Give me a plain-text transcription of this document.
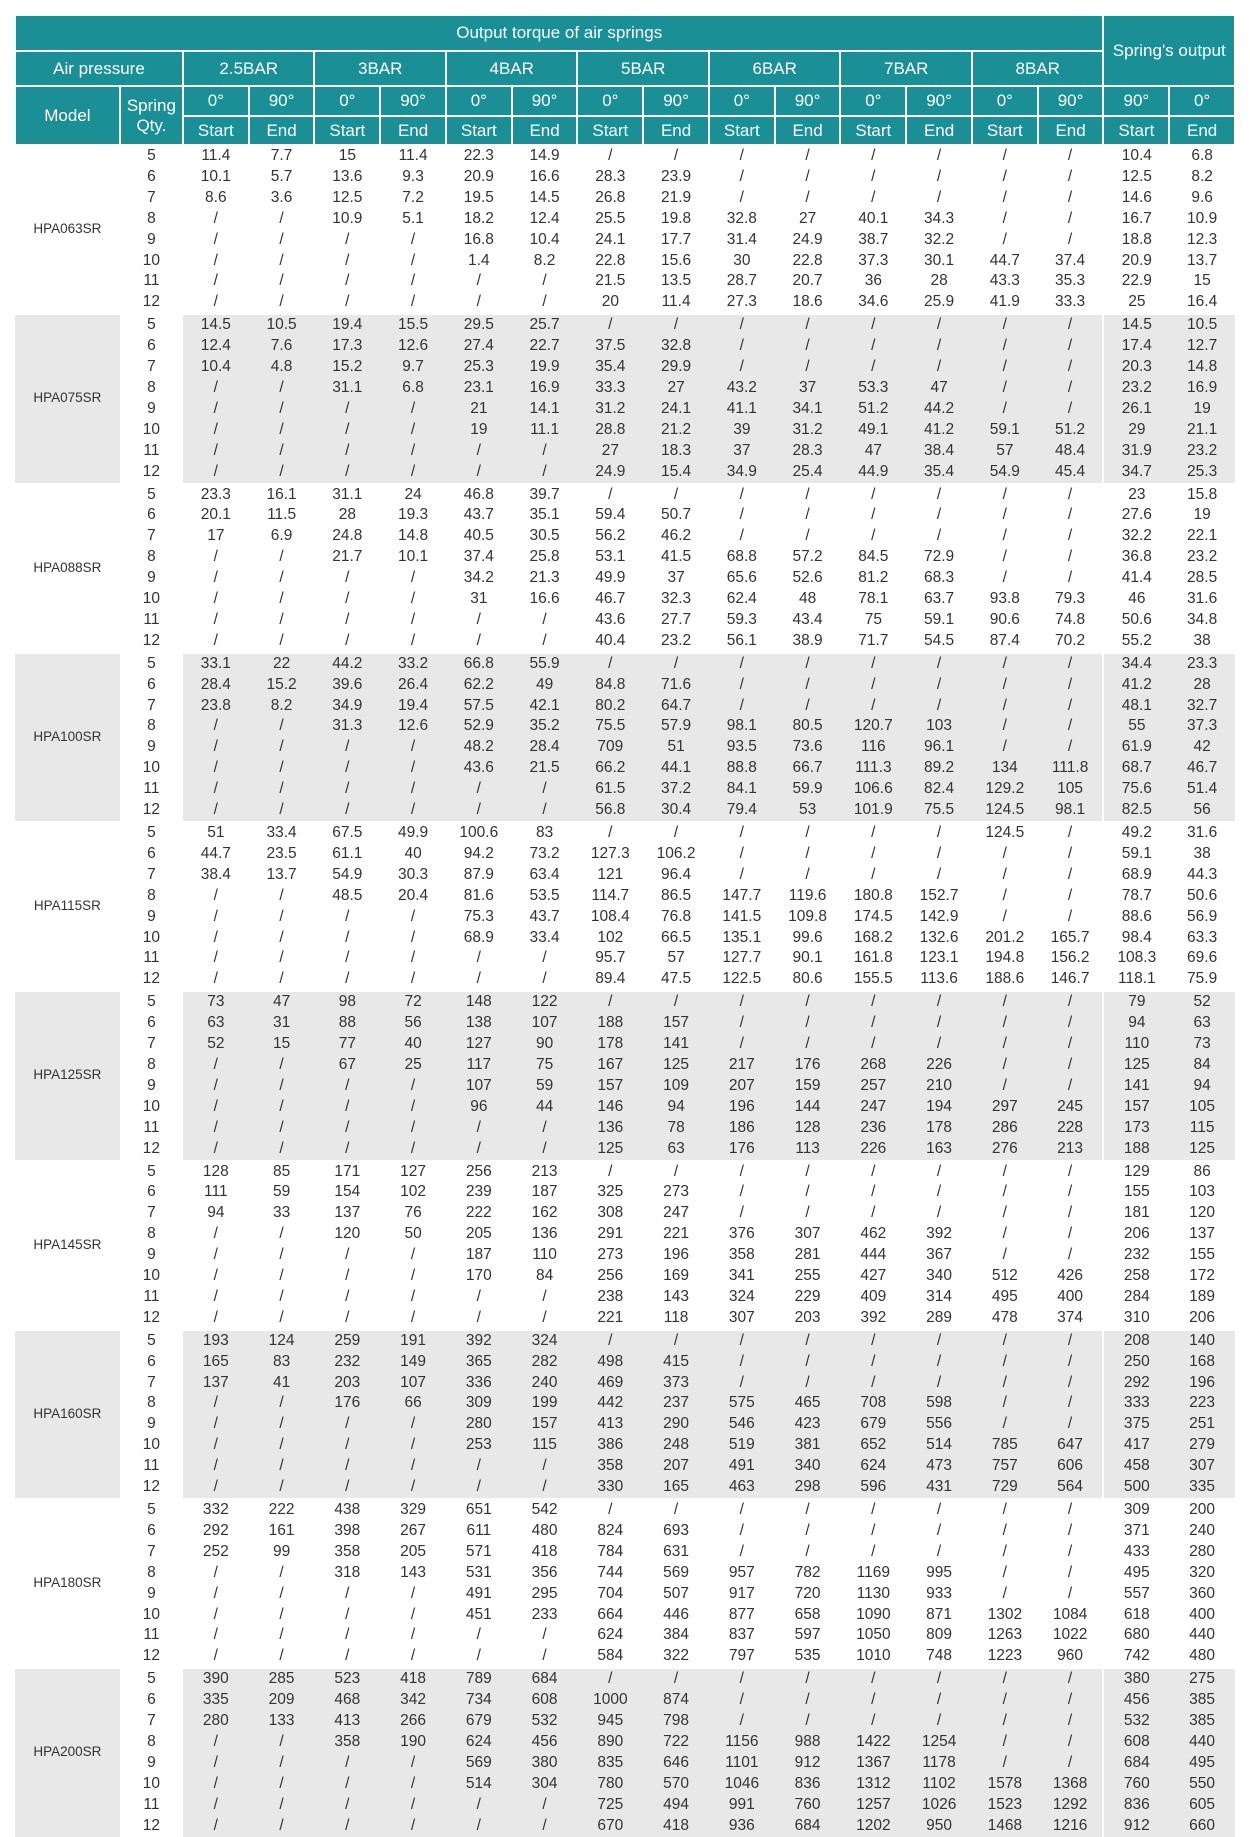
Output torque of air springs																Spring's output	
Air pressure		2.5BAR		3BAR		4BAR		5BAR		6BAR		7BAR		8BAR			
Model	Spring Qty.	0°	90°	0°	90°	0°	90°	0°	90°	0°	90°	0°	90°	0°	90°	90°	0°
		Start	End	Start	End	Start	End	Start	End	Start	End	Start	End	Start	End	Start	End
HPA063SR	5	11.4	7.7	15	11.4	22.3	14.9	/	/	/	/	/	/	/	/	10.4	6.8
	6	10.1	5.7	13.6	9.3	20.9	16.6	28.3	23.9	/	/	/	/	/	/	12.5	8.2
	7	8.6	3.6	12.5	7.2	19.5	14.5	26.8	21.9	/	/	/	/	/	/	14.6	9.6
	8	/	/	10.9	5.1	18.2	12.4	25.5	19.8	32.8	27	40.1	34.3	/	/	16.7	10.9
	9	/	/	/	/	16.8	10.4	24.1	17.7	31.4	24.9	38.7	32.2	/	/	18.8	12.3
	10	/	/	/	/	1.4	8.2	22.8	15.6	30	22.8	37.3	30.1	44.7	37.4	20.9	13.7
	11	/	/	/	/	/	/	21.5	13.5	28.7	20.7	36	28	43.3	35.3	22.9	15
	12	/	/	/	/	/	/	20	11.4	27.3	18.6	34.6	25.9	41.9	33.3	25	16.4
HPA075SR	5	14.5	10.5	19.4	15.5	29.5	25.7	/	/	/	/	/	/	/	/	14.5	10.5
	6	12.4	7.6	17.3	12.6	27.4	22.7	37.5	32.8	/	/	/	/	/	/	17.4	12.7
	7	10.4	4.8	15.2	9.7	25.3	19.9	35.4	29.9	/	/	/	/	/	/	20.3	14.8
	8	/	/	31.1	6.8	23.1	16.9	33.3	27	43.2	37	53.3	47	/	/	23.2	16.9
	9	/	/	/	/	21	14.1	31.2	24.1	41.1	34.1	51.2	44.2	/	/	26.1	19
	10	/	/	/	/	19	11.1	28.8	21.2	39	31.2	49.1	41.2	59.1	51.2	29	21.1
	11	/	/	/	/	/	/	27	18.3	37	28.3	47	38.4	57	48.4	31.9	23.2
	12	/	/	/	/	/	/	24.9	15.4	34.9	25.4	44.9	35.4	54.9	45.4	34.7	25.3
HPA088SR	5	23.3	16.1	31.1	24	46.8	39.7	/	/	/	/	/	/	/	/	23	15.8
	6	20.1	11.5	28	19.3	43.7	35.1	59.4	50.7	/	/	/	/	/	/	27.6	19
	7	17	6.9	24.8	14.8	40.5	30.5	56.2	46.2	/	/	/	/	/	/	32.2	22.1
	8	/	/	21.7	10.1	37.4	25.8	53.1	41.5	68.8	57.2	84.5	72.9	/	/	36.8	23.2
	9	/	/	/	/	34.2	21.3	49.9	37	65.6	52.6	81.2	68.3	/	/	41.4	28.5
	10	/	/	/	/	31	16.6	46.7	32.3	62.4	48	78.1	63.7	93.8	79.3	46	31.6
	11	/	/	/	/	/	/	43.6	27.7	59.3	43.4	75	59.1	90.6	74.8	50.6	34.8
	12	/	/	/	/	/	/	40.4	23.2	56.1	38.9	71.7	54.5	87.4	70.2	55.2	38
HPA100SR	5	33.1	22	44.2	33.2	66.8	55.9	/	/	/	/	/	/	/	/	34.4	23.3
	6	28.4	15.2	39.6	26.4	62.2	49	84.8	71.6	/	/	/	/	/	/	41.2	28
	7	23.8	8.2	34.9	19.4	57.5	42.1	80.2	64.7	/	/	/	/	/	/	48.1	32.7
	8	/	/	31.3	12.6	52.9	35.2	75.5	57.9	98.1	80.5	120.7	103	/	/	55	37.3
	9	/	/	/	/	48.2	28.4	709	51	93.5	73.6	116	96.1	/	/	61.9	42
	10	/	/	/	/	43.6	21.5	66.2	44.1	88.8	66.7	111.3	89.2	134	111.8	68.7	46.7
	11	/	/	/	/	/	/	61.5	37.2	84.1	59.9	106.6	82.4	129.2	105	75.6	51.4
	12	/	/	/	/	/	/	56.8	30.4	79.4	53	101.9	75.5	124.5	98.1	82.5	56
HPA115SR	5	51	33.4	67.5	49.9	100.6	83	/	/	/	/	/	/	124.5	/	49.2	31.6
	6	44.7	23.5	61.1	40	94.2	73.2	127.3	106.2	/	/	/	/	/	/	59.1	38
	7	38.4	13.7	54.9	30.3	87.9	63.4	121	96.4	/	/	/	/	/	/	68.9	44.3
	8	/	/	48.5	20.4	81.6	53.5	114.7	86.5	147.7	119.6	180.8	152.7	/	/	78.7	50.6
	9	/	/	/	/	75.3	43.7	108.4	76.8	141.5	109.8	174.5	142.9	/	/	88.6	56.9
	10	/	/	/	/	68.9	33.4	102	66.5	135.1	99.6	168.2	132.6	201.2	165.7	98.4	63.3
	11	/	/	/	/	/	/	95.7	57	127.7	90.1	161.8	123.1	194.8	156.2	108.3	69.6
	12	/	/	/	/	/	/	89.4	47.5	122.5	80.6	155.5	113.6	188.6	146.7	118.1	75.9
HPA125SR	5	73	47	98	72	148	122	/	/	/	/	/	/	/	/	79	52
	6	63	31	88	56	138	107	188	157	/	/	/	/	/	/	94	63
	7	52	15	77	40	127	90	178	141	/	/	/	/	/	/	110	73
	8	/	/	67	25	117	75	167	125	217	176	268	226	/	/	125	84
	9	/	/	/	/	107	59	157	109	207	159	257	210	/	/	141	94
	10	/	/	/	/	96	44	146	94	196	144	247	194	297	245	157	105
	11	/	/	/	/	/	/	136	78	186	128	236	178	286	228	173	115
	12	/	/	/	/	/	/	125	63	176	113	226	163	276	213	188	125
HPA145SR	5	128	85	171	127	256	213	/	/	/	/	/	/	/	/	129	86
	6	111	59	154	102	239	187	325	273	/	/	/	/	/	/	155	103
	7	94	33	137	76	222	162	308	247	/	/	/	/	/	/	181	120
	8	/	/	120	50	205	136	291	221	376	307	462	392	/	/	206	137
	9	/	/	/	/	187	110	273	196	358	281	444	367	/	/	232	155
	10	/	/	/	/	170	84	256	169	341	255	427	340	512	426	258	172
	11	/	/	/	/	/	/	238	143	324	229	409	314	495	400	284	189
	12	/	/	/	/	/	/	221	118	307	203	392	289	478	374	310	206
HPA160SR	5	193	124	259	191	392	324	/	/	/	/	/	/	/	/	208	140
	6	165	83	232	149	365	282	498	415	/	/	/	/	/	/	250	168
	7	137	41	203	107	336	240	469	373	/	/	/	/	/	/	292	196
	8	/	/	176	66	309	199	442	237	575	465	708	598	/	/	333	223
	9	/	/	/	/	280	157	413	290	546	423	679	556	/	/	375	251
	10	/	/	/	/	253	115	386	248	519	381	652	514	785	647	417	279
	11	/	/	/	/	/	/	358	207	491	340	624	473	757	606	458	307
	12	/	/	/	/	/	/	330	165	463	298	596	431	729	564	500	335
HPA180SR	5	332	222	438	329	651	542	/	/	/	/	/	/	/	/	309	200
	6	292	161	398	267	611	480	824	693	/	/	/	/	/	/	371	240
	7	252	99	358	205	571	418	784	631	/	/	/	/	/	/	433	280
	8	/	/	318	143	531	356	744	569	957	782	1169	995	/	/	495	320
	9	/	/	/	/	491	295	704	507	917	720	1130	933	/	/	557	360
	10	/	/	/	/	451	233	664	446	877	658	1090	871	1302	1084	618	400
	11	/	/	/	/	/	/	624	384	837	597	1050	809	1263	1022	680	440
	12	/	/	/	/	/	/	584	322	797	535	1010	748	1223	960	742	480
HPA200SR	5	390	285	523	418	789	684	/	/	/	/	/	/	/	/	380	275
	6	335	209	468	342	734	608	1000	874	/	/	/	/	/	/	456	385
	7	280	133	413	266	679	532	945	798	/	/	/	/	/	/	532	385
	8	/	/	358	190	624	456	890	722	1156	988	1422	1254	/	/	608	440
	9	/	/	/	/	569	380	835	646	1101	912	1367	1178	/	/	684	495
	10	/	/	/	/	514	304	780	570	1046	836	1312	1102	1578	1368	760	550
	11	/	/	/	/	/	/	725	494	991	760	1257	1026	1523	1292	836	605
	12	/	/	/	/	/	/	670	418	936	684	1202	950	1468	1216	912	660
